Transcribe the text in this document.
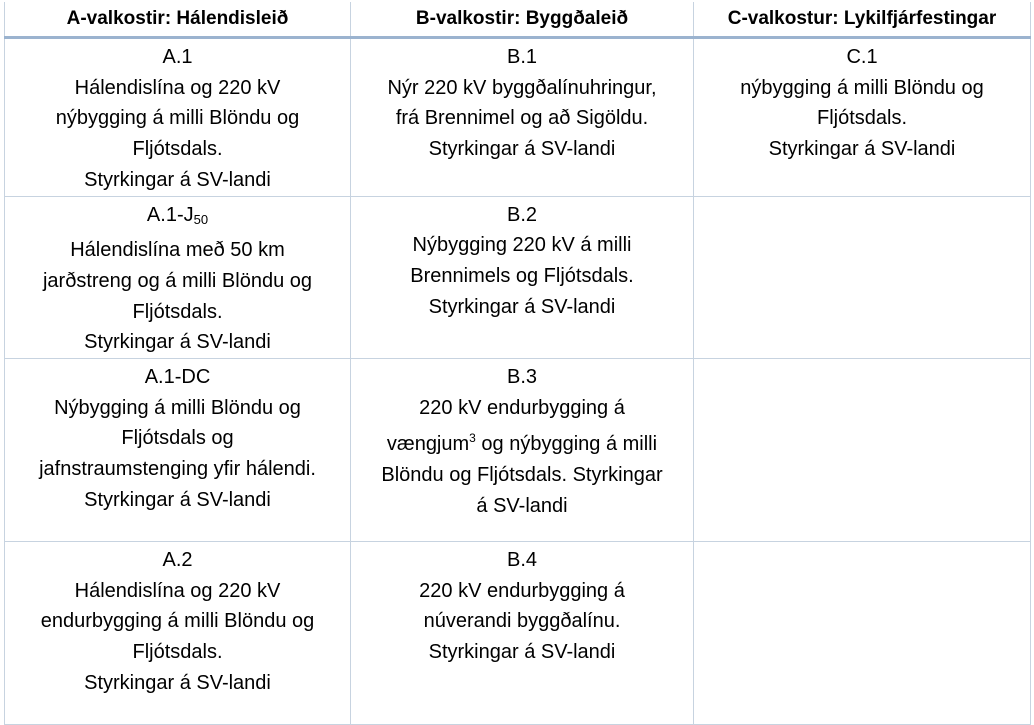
A-valkostir: Hálendisleið	B-valkostir: Byggðaleið	C-valkostur: Lykilfjárfestingar

A.1
Hálendislína og 220 kV
nýbygging á milli Blöndu og
Fljótsdals.
Styrkingar á SV-landi	B.1
Nýr 220 kV byggðalínuhringur,
frá Brennimel og að Sigöldu.
Styrkingar á SV-landi	C.1
nýbygging á milli Blöndu og
Fljótsdals.
Styrkingar á SV-landi

$A.1-J_{50}$
Hálendislína með 50 km
jarðstreng og á milli Blöndu og
Fljótsdals.
Styrkingar á SV-landi	B.2
Nýbygging 220 kV á milli
Brennimels og Fljótsdals.
Styrkingar á SV-landi	

A.1-DC
Nýbygging á milli Blöndu og
Fljótsdals og
jafnstraumstenging yfir hálendi.
Styrkingar á SV-landi	B.3
220 kV endurbygging á
vængjum$^3$ og nýbygging á milli
Blöndu og Fljótsdals. Styrkingar
á SV-landi	

A.2
Hálendislína og 220 kV
endurbygging á milli Blöndu og
Fljótsdals.
Styrkingar á SV-landi	B.4
220 kV endurbygging á
núverandi byggðalínu.
Styrkingar á SV-landi	
